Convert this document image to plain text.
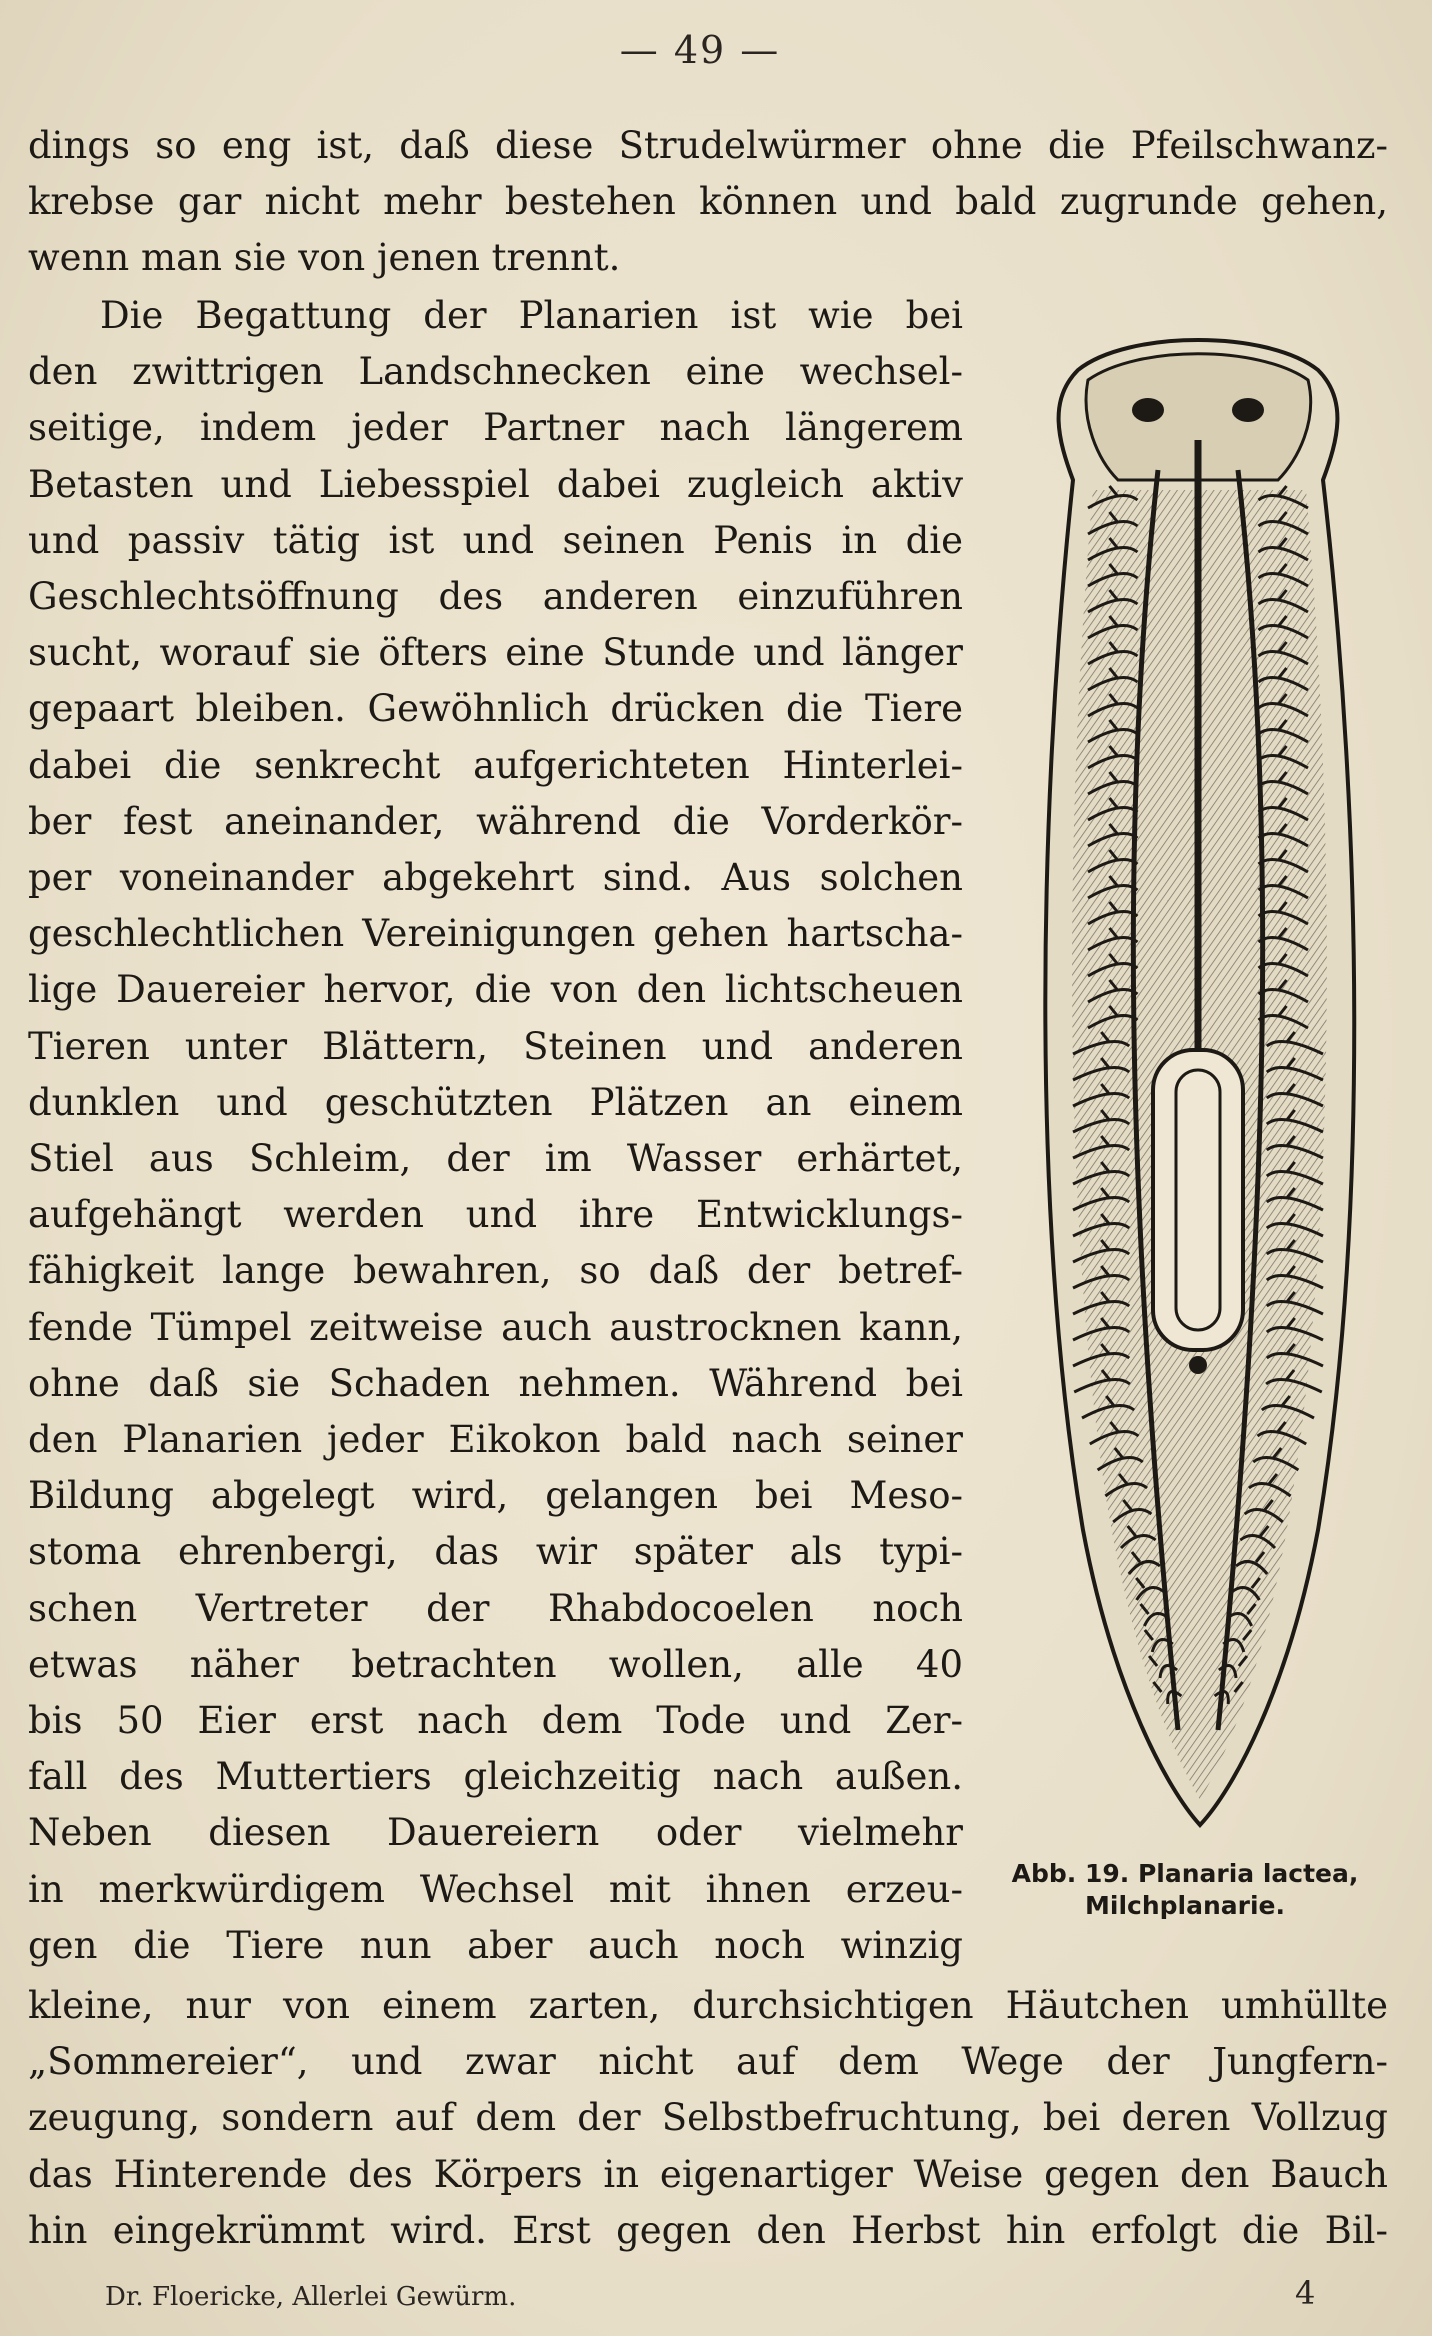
— 49 —
dings so eng ist, daß diese Strudelwürmer ohne die Pfeilschwanz-
krebse gar nicht mehr bestehen können und bald zugrunde gehen,
wenn man sie von jenen trennt.
Die Begattung der Planarien ist wie bei
den zwittrigen Landschnecken eine wechsel-
seitige, indem jeder Partner nach längerem
Betasten und Liebesspiel dabei zugleich aktiv
und passiv tätig ist und seinen Penis in die
Geschlechtsöffnung des anderen einzuführen
sucht, worauf sie öfters eine Stunde und länger
gepaart bleiben. Gewöhnlich drücken die Tiere
dabei die senkrecht aufgerichteten Hinterlei-
ber fest aneinander, während die Vorderkör-
per voneinander abgekehrt sind. Aus solchen
geschlechtlichen Vereinigungen gehen hartscha-
lige Dauereier hervor, die von den lichtscheuen
Tieren unter Blättern, Steinen und anderen
dunklen und geschützten Plätzen an einem
Stiel aus Schleim, der im Wasser erhärtet,
aufgehängt werden und ihre Entwicklungs-
fähigkeit lange bewahren, so daß der betref-
fende Tümpel zeitweise auch austrocknen kann,
ohne daß sie Schaden nehmen. Während bei
den Planarien jeder Eikokon bald nach seiner
Bildung abgelegt wird, gelangen bei Meso-
stoma ehrenbergi, das wir später als typi-
schen Vertreter der Rhabdocoelen noch
etwas näher betrachten wollen, alle 40
bis 50 Eier erst nach dem Tode und Zer-
fall des Muttertiers gleichzeitig nach außen.
Neben diesen Dauereiern oder vielmehr
in merkwürdigem Wechsel mit ihnen erzeu-
gen die Tiere nun aber auch noch winzig
kleine, nur von einem zarten, durchsichtigen Häutchen umhüllte
„Sommereier“, und zwar nicht auf dem Wege der Jungfern-
zeugung, sondern auf dem der Selbstbefruchtung, bei deren Vollzug
das Hinterende des Körpers in eigenartiger Weise gegen den Bauch
hin eingekrümmt wird. Erst gegen den Herbst hin erfolgt die Bil-
Abb. 19. Planaria lactea,
Milchplanarie.
Dr. Floericke, Allerlei Gewürm.	4
